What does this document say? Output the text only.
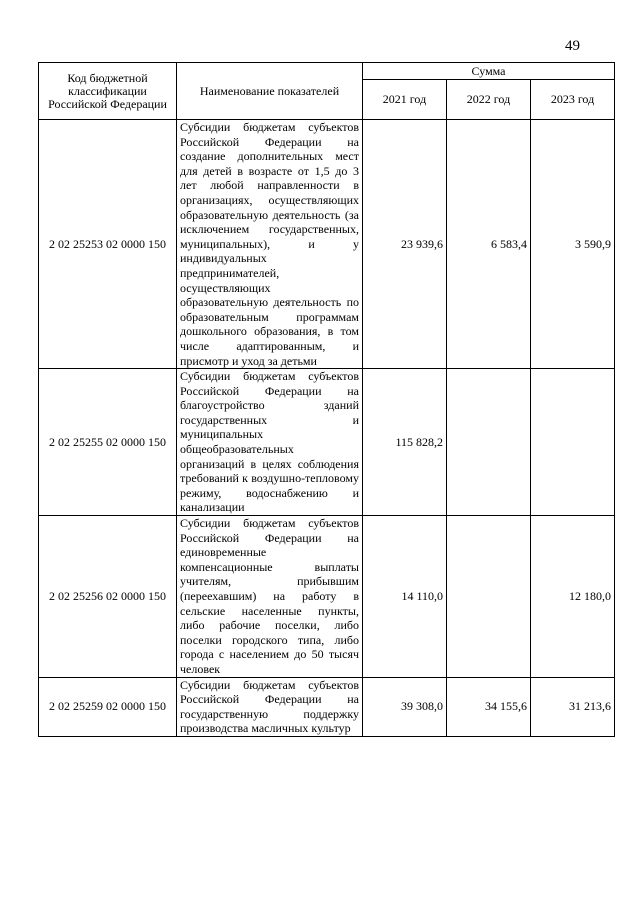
49
Код бюджетной классификации Российской Федерации	Наименование показателей	Сумма		
		2021 год	2022 год	2023 год
2 02 25253 02 0000 150	Субсидии бюджетам субъектов Российской Федерации на создание дополнительных мест для детей в возрасте от 1,5 до 3 лет любой направленности в организациях, осуществляющих образовательную деятельность (за исключением государственных, муниципальных), и у индивидуальных предпринимателей, осуществляющих образовательную деятельность по образовательным программам дошкольного образования, в том числе адаптированным, и присмотр и уход за детьми	23 939,6	6 583,4	3 590,9
2 02 25255 02 0000 150	Субсидии бюджетам субъектов Российской Федерации на благоустройство зданий государственных и муниципальных общеобразовательных организаций в целях соблюдения требований к воздушно-тепловому режиму, водоснабжению и канализации	115 828,2		
2 02 25256 02 0000 150	Субсидии бюджетам субъектов Российской Федерации на единовременные компенсационные выплаты учителям, прибывшим (переехавшим) на работу в сельские населенные пункты, либо рабочие поселки, либо поселки городского типа, либо города с населением до 50 тысяч человек	14 110,0		12 180,0
2 02 25259 02 0000 150	Субсидии бюджетам субъектов Российской Федерации на государственную поддержку производства масличных культур	39 308,0	34 155,6	31 213,6
